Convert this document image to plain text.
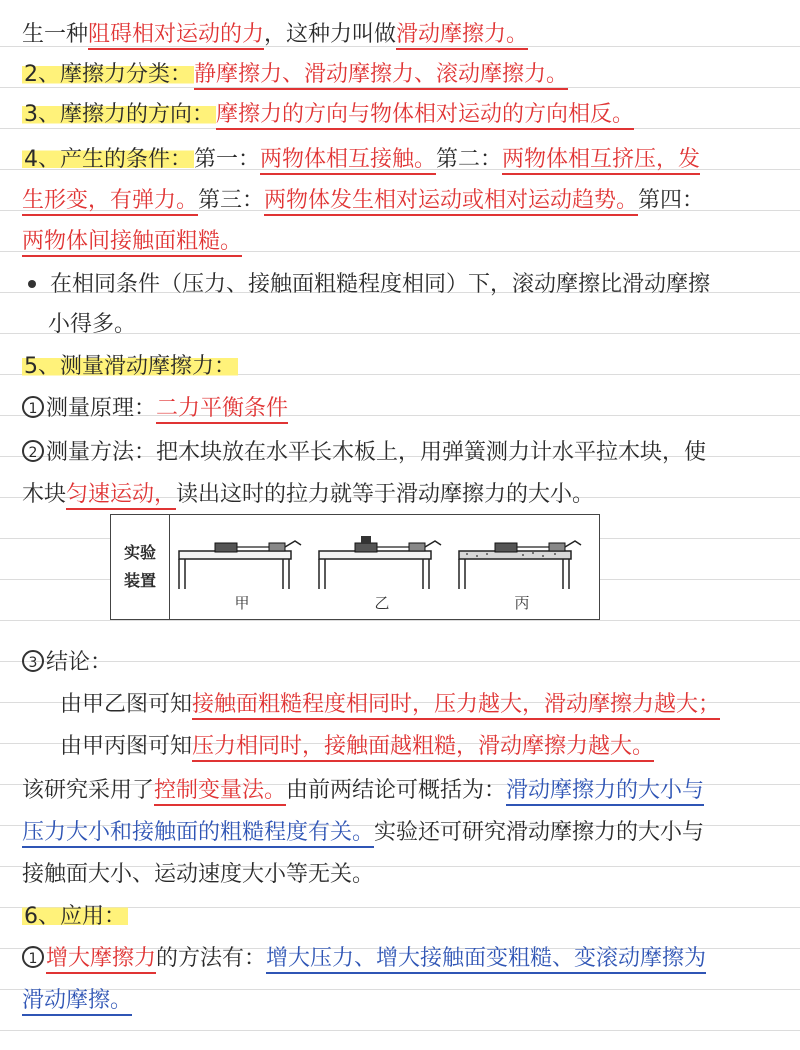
生一种阻碍相对运动的力，这种力叫做滑动摩擦力。
2、摩擦力分类：静摩擦力、滑动摩擦力、滚动摩擦力。
3、摩擦力的方向：摩擦力的方向与物体相对运动的方向相反。
4、产生的条件：第一：两物体相互接触。第二：两物体相互挤压，发
生形变，有弹力。第三：两物体发生相对运动或相对运动趋势。第四：
两物体间接触面粗糙。
在相同条件（压力、接触面粗糙程度相同）下，滚动摩擦比滑动摩擦
小得多。
5、测量滑动摩擦力：
1 测量原理：二力平衡条件
2 测量方法：把木块放在水平长木板上，用弹簧测力计水平拉木块，使
木块匀速运动，读出这时的拉力就等于滑动摩擦力的大小。
实验
装置
甲	乙	丙
3 结论：
由甲乙图可知接触面粗糙程度相同时，压力越大，滑动摩擦力越大；
由甲丙图可知压力相同时，接触面越粗糙，滑动摩擦力越大。
该研究采用了控制变量法。由前两结论可概括为：滑动摩擦力的大小与
压力大小和接触面的粗糙程度有关。实验还可研究滑动摩擦力的大小与
接触面大小、运动速度大小等无关。
6、应用：
1 增大摩擦力的方法有：增大压力、增大接触面变粗糙、变滚动摩擦为
滑动摩擦。
